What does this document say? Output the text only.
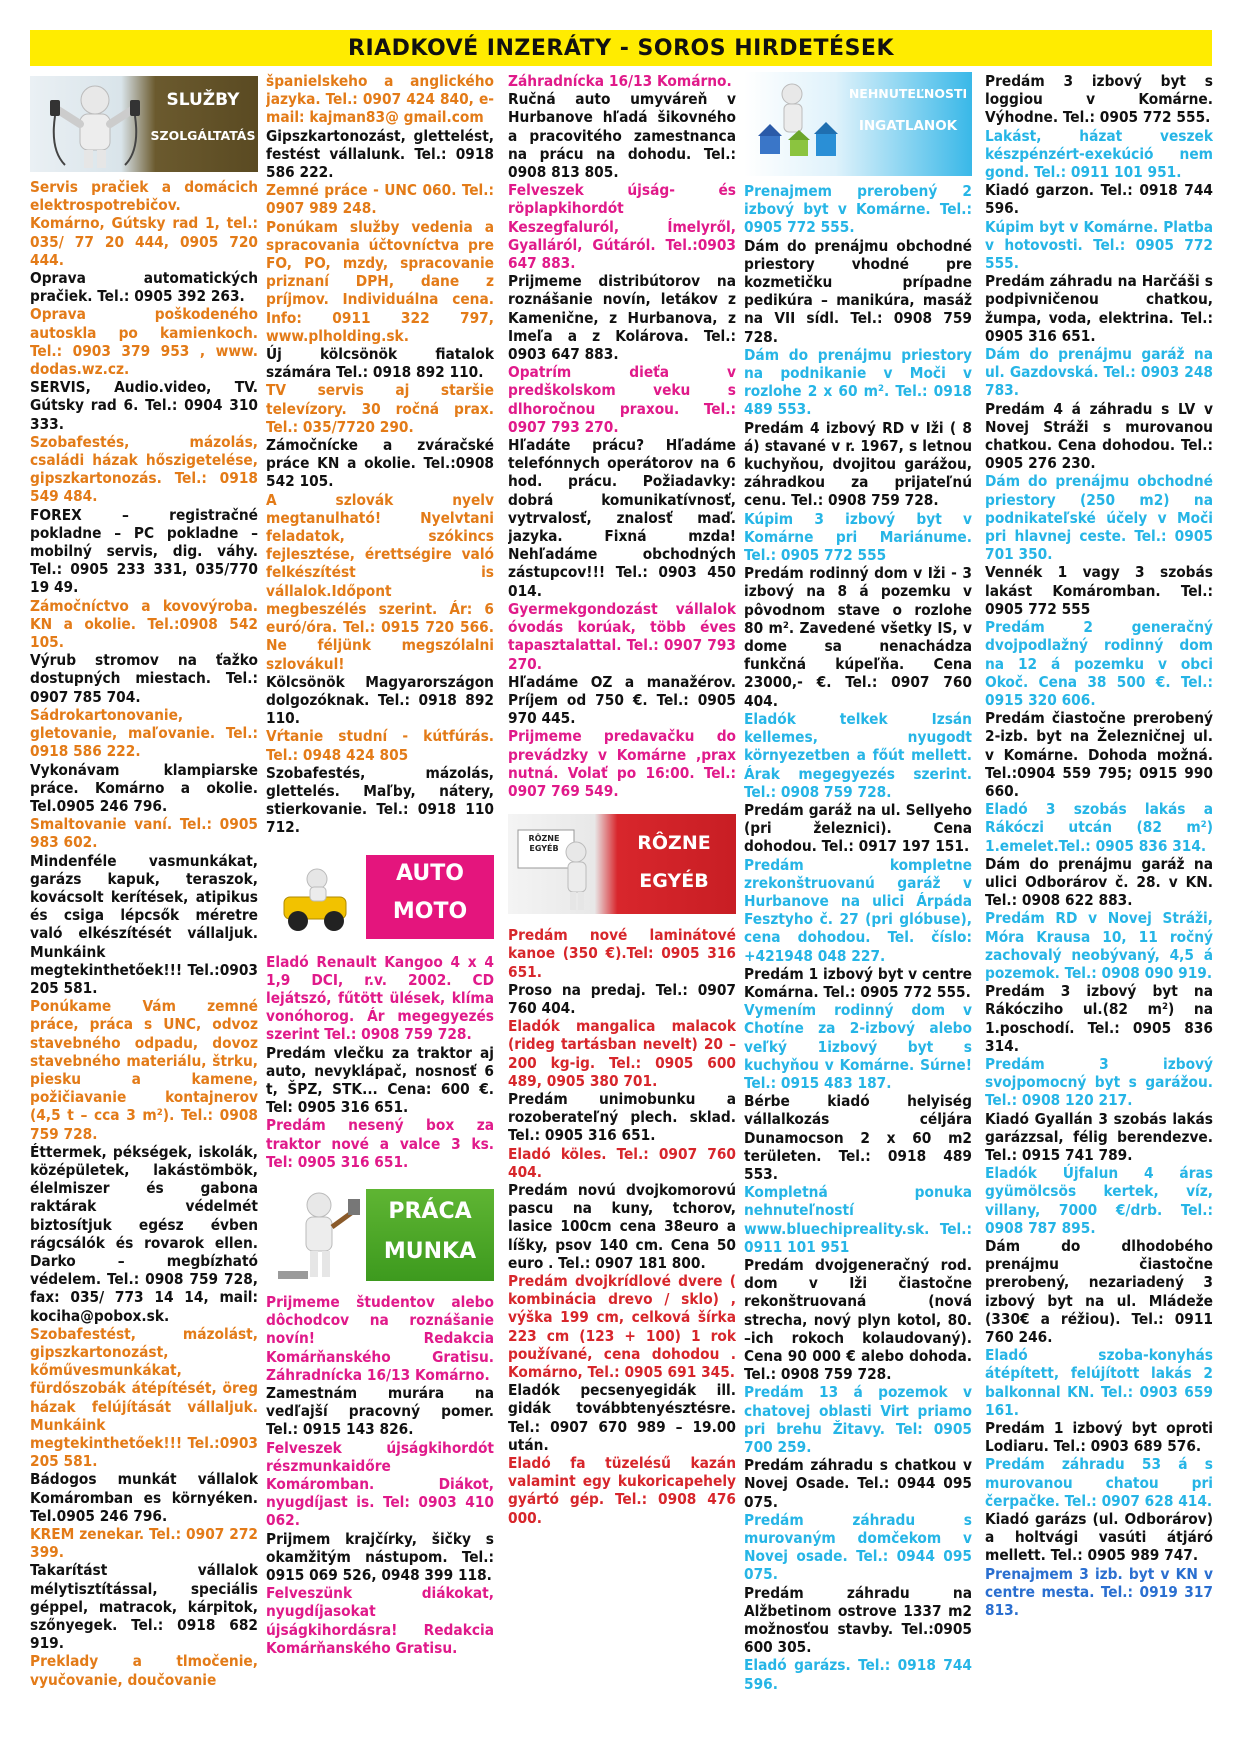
RIADKOVÉ INZERÁTY - SOROS HIRDETÉSEK
SLUŽBY
SZOLGÁLTATÁS

Servis pračiek a domácich elektrospotrebičov. Komárno, Gútsky rad 1, tel.: 035/ 77 20 444, 0905 720 444.

Oprava automatických pračiek. Tel.: 0905 392 263.

Oprava poškodeného autoskla po kamienkoch. Tel.: 0903 379 953 , www. dodas.wz.cz.

SERVIS, Audio.video, TV. Gútsky rad 6. Tel.: 0904 310 333.

Szobafestés, mázolás, családi házak hőszigetelése, gipszkartonozás. Tel.: 0918 549 484.

FOREX – registračné pokladne – PC pokladne – mobilný servis, dig. váhy. Tel.: 0905 233 331, 035/770 19 49.

Zámočníctvo a kovovýroba. KN a okolie. Tel.:0908 542 105.

Výrub stromov na ťažko dostupných miestach. Tel.: 0907 785 704.

Sádrokartonovanie, gletovanie, maľovanie. Tel.: 0918 586 222.

Vykonávam klampiarske práce. Komárno a okolie. Tel.0905 246 796.

Smaltovanie vaní. Tel.: 0905 983 602.

Mindenféle vasmunkákat, garázs kapuk, teraszok, kovácsolt kerítések, atipikus és csiga lépcsők méretre való elkészítését vállaljuk. Munkáink megtekinthetőek!!! Tel.:0903 205 581.

Ponúkame Vám zemné práce, práca s UNC, odvoz stavebného odpadu, dovoz stavebného materiálu, štrku, piesku a kamene, požičiavanie kontajnerov (4,5 t – cca 3 m²). Tel.: 0908 759 728.

Éttermek, pékségek, iskolák, középületek, lakástömbök, élelmiszer és gabona raktárak védelmét biztosítjuk egész évben rágcsálók és rovarok ellen. Darko – megbízható védelem. Tel.: 0908 759 728, fax: 035/ 773 14 14, mail: kociha@pobox.sk.

Szobafestést, mázolást, gipszkartonozást, kőművesmunkákat, fürdőszobák átépítését, öreg házak felújítását vállaljuk. Munkáink megtekinthetőek!!! Tel.:0903 205 581.

Bádogos munkát vállalok Komáromban es környéken. Tel.0905 246 796.

KREM zenekar. Tel.: 0907 272 399.

Takarítást vállalok mélytisztítással, speciális géppel, matracok, kárpitok, szőnyegek. Tel.: 0918 682 919.

Preklady a tlmočenie, vyučovanie, doučovanie

španielskeho a anglického jazyka. Tel.: 0907 424 840, e-mail: kajman83@ gmail.com

Gipszkartonozást, glettelést, festést vállalunk. Tel.: 0918 586 222.

Zemné práce - UNC 060. Tel.: 0907 989 248.

Ponúkam služby vedenia a spracovania účtovníctva pre FO, PO, mzdy, spracovanie priznaní DPH, dane z príjmov. Individuálna cena. Info: 0911 322 797, www.plholding.sk.

Új kölcsönök fiatalok számára Tel.: 0918 892 110.

TV servis aj staršie televízory. 30 ročná prax. Tel.: 035/7720 290.

Zámočnícke a zváračské práce KN a okolie. Tel.:0908 542 105.

A szlovák nyelv megtanulható! Nyelvtani feladatok, szókincs fejlesztése, érettségire való felkészítést is vállalok.Időpont megbeszélés szerint. Ár: 6 euró/óra. Tel.: 0915 720 566. Ne féljünk megszólalni szlovákul!

Kölcsönök Magyarországon dolgozóknak. Tel.: 0918 892 110.

Vŕtanie studní - kútfúrás. Tel.: 0948 424 805

Szobafestés, mázolás, glettelés. Maľby, nátery, stierkovanie. Tel.: 0918 110 712.

AUTO
MOTO

Eladó Renault Kangoo 4 x 4 1,9 DCI, r.v. 2002. CD lejátszó, fűtött ülések, klíma vonóhorog. Ár megegyezés szerint Tel.: 0908 759 728.

Predám vlečku za traktor aj auto, nevyklápač, nosnosť 6 t, ŠPZ, STK... Cena: 600 €. Tel: 0905 316 651.

Predám nesený box za traktor nové a valce 3 ks. Tel: 0905 316 651.

PRÁCA
MUNKA

Prijmeme študentov alebo dôchodcov na roznášanie novín! Redakcia Komárňanského Gratisu. Záhradnícka 16/13 Komárno.

Zamestnám murára na vedľajší pracovný pomer. Tel.: 0915 143 826.

Felveszek újságkihordót részmunkaidőre Komáromban. Diákot, nyugdíjast is. Tel: 0903 410 062.

Prijmem krajčírky, šičky s okamžitým nástupom. Tel.: 0915 069 526, 0948 399 118.

Felveszünk diákokat, nyugdíjasokat újságkihordásra! Redakcia Komárňanského Gratisu.

Záhradnícka 16/13 Komárno.

Ručná auto umyváreň v Hurbanove hľadá šikovného a pracovitého zamestnanca na prácu na dohodu. Tel.: 0908 813 805.

Felveszek újság- és röplapkihordót Keszegfaluról, Ímelyről, Gyalláról, Gútáról. Tel.:0903 647 883.

Prijmeme distribútorov na roznášanie novín, letákov z Kamenične, z Hurbanova, z Imeľa a z Kolárova. Tel.: 0903 647 883.

Opatrím dieťa v predškolskom veku s dlhoročnou praxou. Tel.: 0907 793 270.

Hľadáte prácu? Hľadáme telefónnych operátorov na 6 hod. prácu. Požiadavky: dobrá komunikatívnosť, vytrvalosť, znalosť maď. jazyka. Fixná mzda! Nehľadáme obchodných zástupcov!!! Tel.: 0903 450 014.

Gyermekgondozást vállalok óvodás korúak, több éves tapasztalattal. Tel.: 0907 793 270.

Hľadáme OZ a manažérov. Príjem od 750 €. Tel.: 0905 970 445.

Prijmeme predavačku do prevádzky v Komárne ,prax nutná. Volať po 16:00. Tel.: 0907 769 549.

RÔZNE EGYÉB	RÔZNE
EGYÉB

Predám nové laminátové kanoe (350 €).Tel: 0905 316 651.

Proso na predaj. Tel.: 0907 760 404.

Eladók mangalica malacok (rideg tartásban nevelt) 20 – 200 kg-ig. Tel.: 0905 600 489, 0905 380 701.

Predám unimobunku a rozoberateľný plech. sklad. Tel.: 0905 316 651.

Eladó köles. Tel.: 0907 760 404.

Predám novú dvojkomorovú pascu na kuny, tchorov, lasice 100cm cena 38euro a líšky, psov 140 cm. Cena 50 euro . Tel.: 0907 181 800.

Predám dvojkrídlové dvere ( kombinácia drevo / sklo) , výška 199 cm, celková šírka 223 cm (123 + 100) 1 rok používané, cena dohodou . Komárno, Tel.: 0905 691 345.

Eladók pecsenyegidák ill. gidák továbbtenyésztésre. Tel.: 0907 670 989 – 19.00 után.

Eladó fa tüzelésű kazán valamint egy kukoricapehely gyártó gép. Tel.: 0908 476 000.

NEHNUTEĽNOSTI
INGATLANOK

Prenajmem prerobený 2 izbový byt v Komárne. Tel.: 0905 772 555.

Dám do prenájmu obchodné priestory vhodné pre kozmetičku prípadne pedikúra – manikúra, masáž na VII sídl. Tel.: 0908 759 728.

Dám do prenájmu priestory na podnikanie v Moči v rozlohe 2 x 60 m². Tel.: 0918 489 553.

Predám 4 izbový RD v Iži ( 8 á) stavané v r. 1967, s letnou kuchyňou, dvojitou garážou, záhradkou za prijateľnú cenu. Tel.: 0908 759 728.

Kúpim 3 izbový byt v Komárne pri Mariánume. Tel.: 0905 772 555

Predám rodinný dom v Iži - 3 izbový na 8 á pozemku v pôvodnom stave o rozlohe 80 m². Zavedené všetky IS, v dome sa nenachádza funkčná kúpeľňa. Cena 23000,- €. Tel.: 0907 760 404.

Eladók telkek Izsán kellemes, nyugodt környezetben a főút mellett. Árak megegyezés szerint. Tel.: 0908 759 728.

Predám garáž na ul. Sellyeho (pri železnici). Cena dohodou. Tel.: 0917 197 151.

Predám kompletne zrekonštruovanú garáž v Hurbanove na ulici Árpáda Fesztyho č. 27 (pri glóbuse), cena dohodou. Tel. číslo: +421948 048 227.

Predám 1 izbový byt v centre Komárna. Tel.: 0905 772 555.

Vymením rodinný dom v Chotíne za 2-izbový alebo veľký 1izbový byt s kuchyňou v Komárne. Súrne! Tel.: 0915 483 187.

Bérbe kiadó helyiség vállalkozás céljára Dunamocson 2 x 60 m2 területen. Tel.: 0918 489 553.

Kompletná ponuka nehnuteľností www.bluechipreality.sk. Tel.: 0911 101 951

Predám dvojgeneračný rod. dom v Iži čiastočne rekonštruovaná (nová strecha, nový plyn kotol, 80. –ich rokoch kolaudovaný). Cena 90 000 € alebo dohoda. Tel.: 0908 759 728.

Predám 13 á pozemok v chatovej oblasti Virt priamo pri brehu Žitavy. Tel: 0905 700 259.

Predám záhradu s chatkou v Novej Osade. Tel.: 0944 095 075.

Predám záhradu s murovaným domčekom v Novej osade. Tel.: 0944 095 075.

Predám záhradu na Alžbetinom ostrove 1337 m2 možnosťou stavby. Tel.:0905 600 305.

Eladó garázs. Tel.: 0918 744 596.

Predám 3 izbový byt s loggiou v Komárne. Výhodne. Tel.: 0905 772 555.

Lakást, házat veszek készpénzért-exekúció nem gond. Tel.: 0911 101 951.

Kiadó garzon. Tel.: 0918 744 596.

Kúpim byt v Komárne. Platba v hotovosti. Tel.: 0905 772 555.

Predám záhradu na Harčáši s podpivničenou chatkou, žumpa, voda, elektrina. Tel.: 0905 316 651.

Dám do prenájmu garáž na ul. Gazdovská. Tel.: 0903 248 783.

Predám 4 á záhradu s LV v Novej Stráži s murovanou chatkou. Cena dohodou. Tel.: 0905 276 230.

Dám do prenájmu obchodné priestory (250 m2) na podnikateľské účely v Moči pri hlavnej ceste. Tel.: 0905 701 350.

Vennék 1 vagy 3 szobás lakást Komáromban. Tel.: 0905 772 555

Predám 2 generačný dvojpodlažný rodinný dom na 12 á pozemku v obci Okoč. Cena 38 500 €. Tel.: 0915 320 606.

Predám čiastočne prerobený 2-izb. byt na Železničnej ul. v Komárne. Dohoda možná. Tel.:0904 559 795; 0915 990 660.

Eladó 3 szobás lakás a Rákóczi utcán (82 m²) 1.emelet.Tel.: 0905 836 314.

Dám do prenájmu garáž na ulici Odborárov č. 28. v KN. Tel.: 0908 622 883.

Predám RD v Novej Stráži, Móra Krausa 10, 11 ročný zachovalý neobývaný, 4,5 á pozemok. Tel.: 0908 090 919.

Predám 3 izbový byt na Rákócziho ul.(82 m²) na 1.poschodí. Tel.: 0905 836 314.

Predám 3 izbový svojpomocný byt s garážou. Tel.: 0908 120 217.

Kiadó Gyallán 3 szobás lakás garázzsal, félig berendezve. Tel.: 0915 741 789.

Eladók Újfalun 4 áras gyümölcsös kertek, víz, villany, 7000 €/drb. Tel.: 0908 787 895.

Dám do dlhodobého prenájmu čiastočne prerobený, nezariadený 3 izbový byt na ul. Mládeže (330€ a réžiou). Tel.: 0911 760 246.

Eladó szoba-konyhás átépített, felújított lakás 2 balkonnal KN. Tel.: 0903 659 161.

Predám 1 izbový byt oproti Lodiaru. Tel.: 0903 689 576.

Predám záhradu 53 á s murovanou chatou pri čerpačke. Tel.: 0907 628 414.

Kiadó garázs (ul. Odborárov) a holtvági vasúti átjáró mellett. Tel.: 0905 989 747.

Prenajmem 3 izb. byt v KN v centre mesta. Tel.: 0919 317 813.
